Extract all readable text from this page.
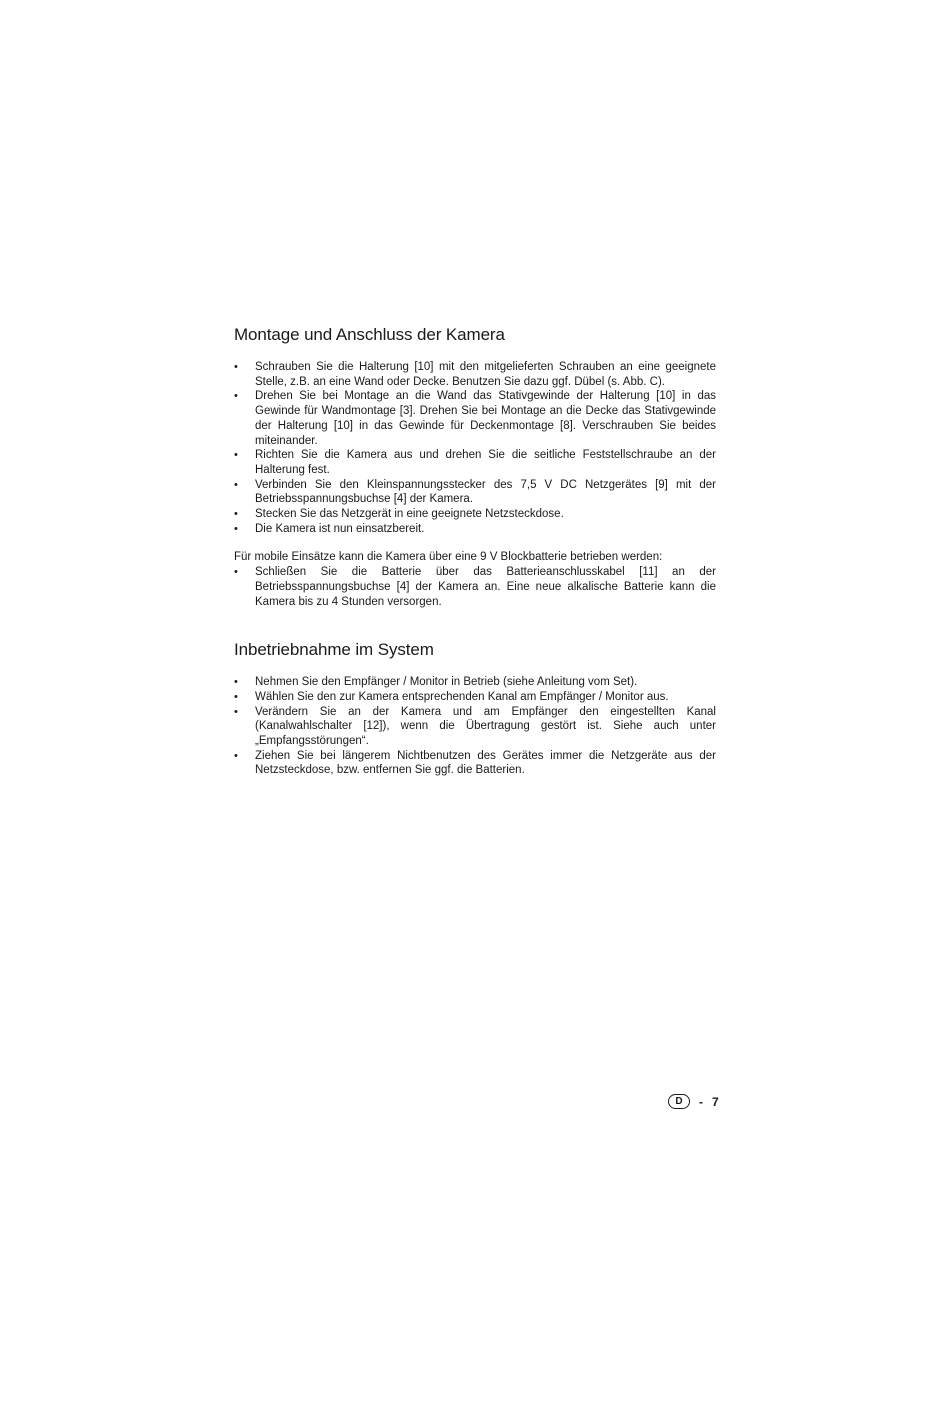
Montage und Anschluss der Kamera
• Schrauben Sie die Halterung [10] mit den mitgelieferten Schrauben an eine geeignete Stelle, z.B. an eine Wand oder Decke. Benutzen Sie dazu ggf. Dübel (s. Abb. C).
• Drehen Sie bei Montage an die Wand das Stativgewinde der Halterung [10] in das Gewinde für Wandmontage [3]. Drehen Sie bei Montage an die Decke das Stativgewinde der Halterung [10] in das Gewinde für Deckenmontage [8]. Verschrauben Sie beides miteinander.
• Richten Sie die Kamera aus und drehen Sie die seitliche Feststellschraube an der Halterung fest.
• Verbinden Sie den Kleinspannungsstecker des 7,5 V DC Netzgerätes [9] mit der Betriebsspannungsbuchse [4] der Kamera.
• Stecken Sie das Netzgerät in eine geeignete Netzsteckdose.
• Die Kamera ist nun einsatzbereit.

Für mobile Einsätze kann die Kamera über eine 9 V Blockbatterie betrieben werden:

• Schließen Sie die Batterie über das Batterieanschlusskabel [11] an der Betriebsspannungsbuchse [4] der Kamera an. Eine neue alkalische Batterie kann die Kamera bis zu 4 Stunden versorgen.
Inbetriebnahme im System
• Nehmen Sie den Empfänger / Monitor in Betrieb (siehe Anleitung vom Set).
• Wählen Sie den zur Kamera entsprechenden Kanal am Empfänger / Monitor aus.
• Verändern Sie an der Kamera und am Empfänger den eingestellten Kanal (Kanalwahlschalter [12]), wenn die Übertragung gestört ist. Siehe auch unter „Empfangsstörungen“.
• Ziehen Sie bei längerem Nichtbenutzen des Gerätes immer die Netzgeräte aus der Netzsteckdose, bzw. entfernen Sie ggf. die Batterien.
D	- 7
